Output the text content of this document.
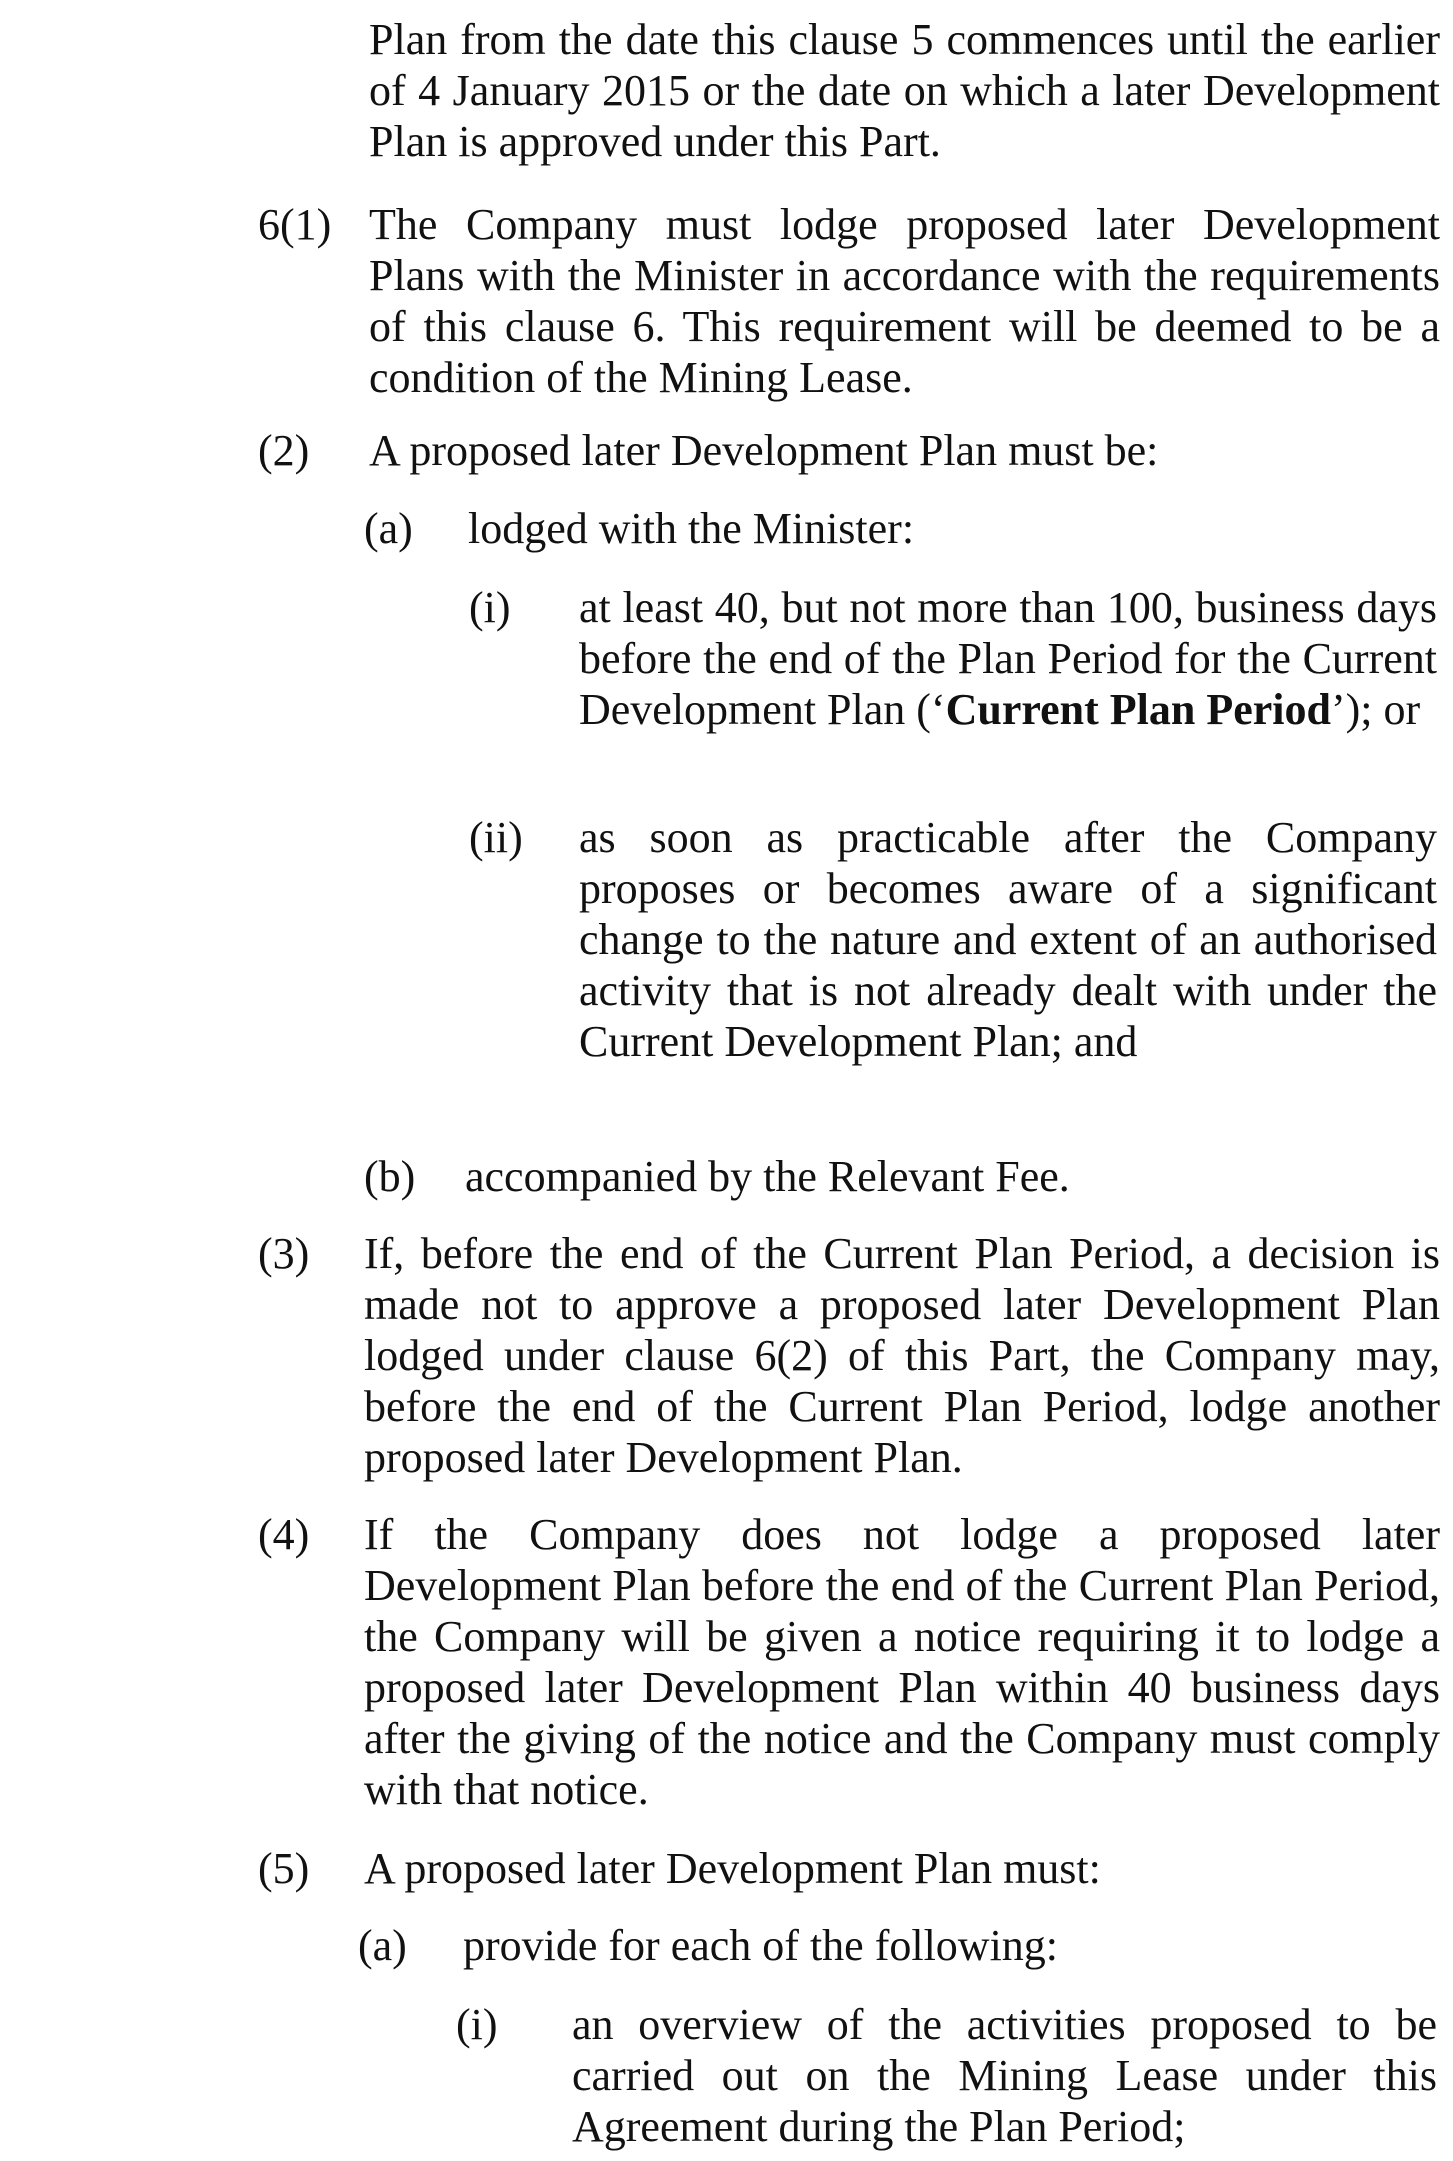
Plan from the date this clause 5 commences until the earlier of 4 January 2015 or the date on which a later Development Plan is approved under this Part.
6(1) The Company must lodge proposed later Development Plans with the Minister in accordance with the requirements of this clause 6. This requirement will be deemed to be a condition of the Mining Lease.
(2) A proposed later Development Plan must be:
(a) lodged with the Minister:
(i) at least 40, but not more than 100, business days before the end of the Plan Period for the Current Development Plan (‘Current Plan Period’); or
(ii) as soon as practicable after the Company proposes or becomes aware of a significant change to the nature and extent of an authorised activity that is not already dealt with under the Current Development Plan; and
(b) accompanied by the Relevant Fee.
(3) If, before the end of the Current Plan Period, a decision is made not to approve a proposed later Development Plan lodged under clause 6(2) of this Part, the Company may, before the end of the Current Plan Period, lodge another proposed later Development Plan.
(4) If the Company does not lodge a proposed later Development Plan before the end of the Current Plan Period, the Company will be given a notice requiring it to lodge a proposed later Development Plan within 40 business days after the giving of the notice and the Company must comply with that notice.
(5) A proposed later Development Plan must:
(a) provide for each of the following:
(i) an overview of the activities proposed to be carried out on the Mining Lease under this Agreement during the Plan Period;
